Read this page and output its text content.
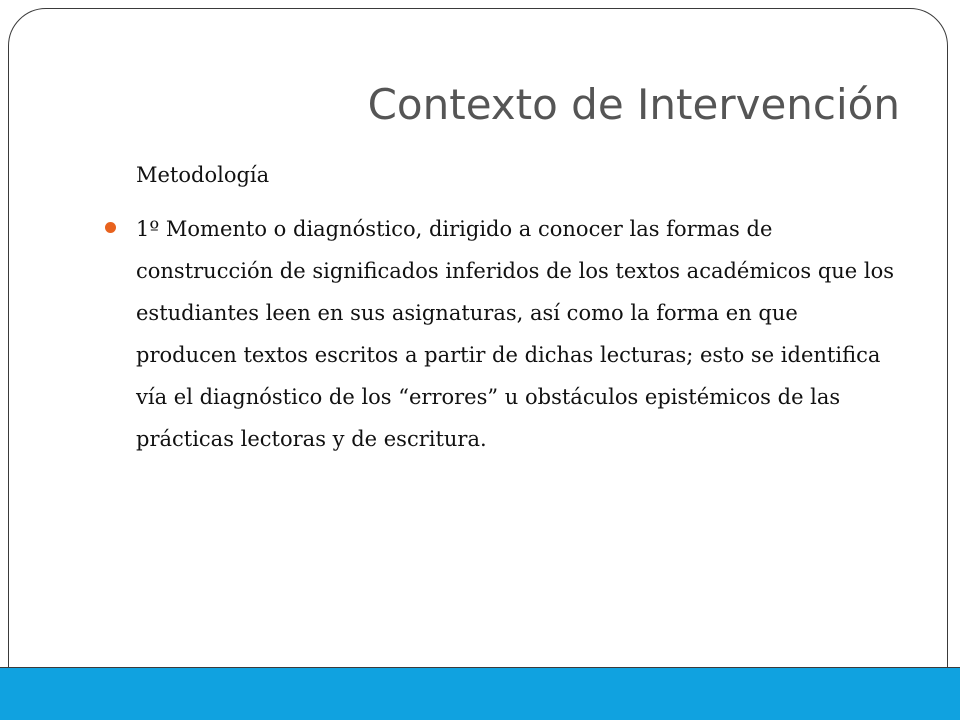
Contexto de Intervención
Metodología

1º Momento o diagnóstico, dirigido a conocer las formas de construcción de significados inferidos de los textos académicos que los estudiantes leen en sus asignaturas, así como la forma en que producen textos escritos a partir de dichas lecturas; esto se identifica vía el diagnóstico de los “errores” u obstáculos epistémicos de las prácticas lectoras y de escritura.
